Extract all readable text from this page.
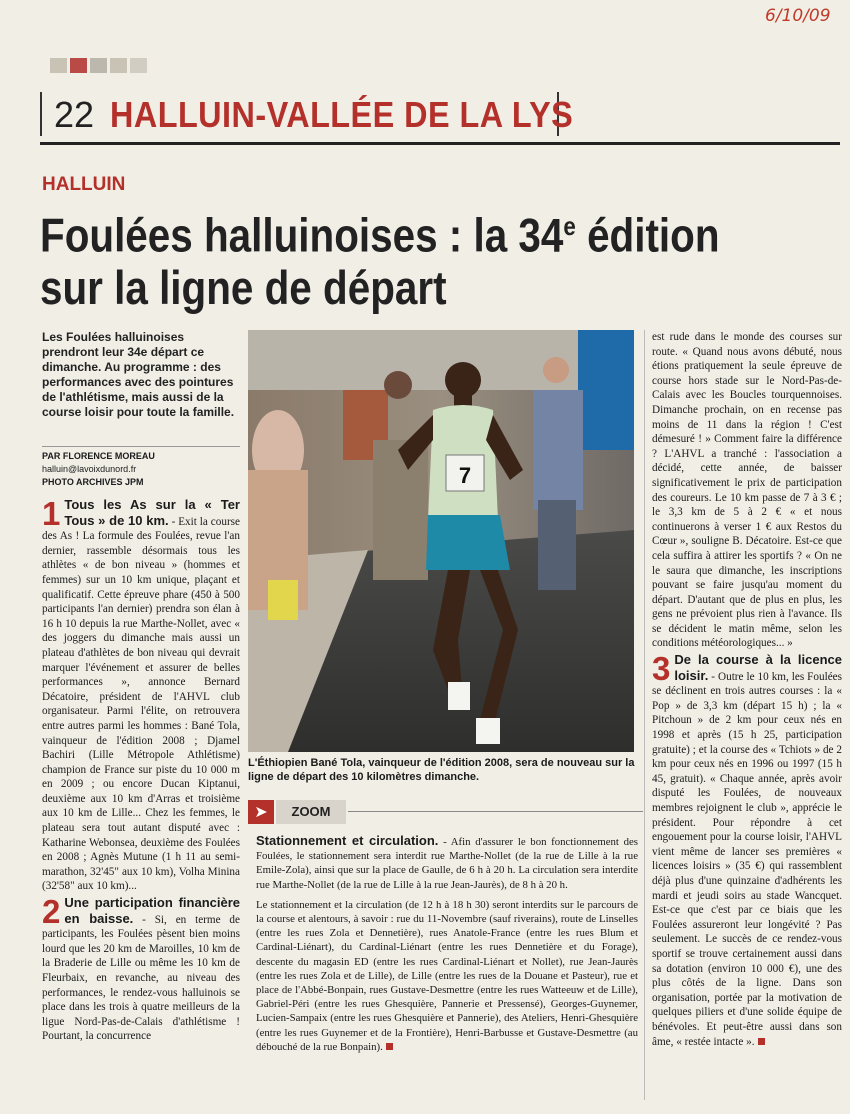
6/10/09
22 HALLUIN-VALLÉE DE LA LYS
HALLUIN
Foulées halluinoises : la 34e édition
sur la ligne de départ
Les Foulées halluinoises prendront leur 34e départ ce dimanche. Au programme : des performances avec des pointures de l'athlétisme, mais aussi de la course loisir pour toute la famille.
PAR FLORENCE MOREAU
halluin@lavoixdunord.fr
PHOTO ARCHIVES JPM

1 Tous les As sur la « Ter Tous » de 10 km. - Exit la course des As ! La formule des Foulées, revue l'an dernier, rassemble désormais tous les athlètes « de bon niveau » (hommes et femmes) sur un 10 km unique, plaçant et qualificatif. Cette épreuve phare (450 à 500 participants l'an dernier) prendra son élan à 16 h 10 depuis la rue Marthe-Nollet, avec « des joggers du dimanche mais aussi un plateau d'athlètes de bon niveau qui devrait marquer l'événement et assurer de belles performances », annonce Bernard Décatoire, président de l'AHVL club organisateur. Parmi l'élite, on retrouvera entre autres parmi les hommes : Bané Tola, vainqueur de l'édition 2008 ; Djamel Bachiri (Lille Métropole Athlétisme) champion de France sur piste du 10 000 m en 2009 ; ou encore Ducan Kiptanui, deuxième aux 10 km d'Arras et troisième aux 10 km de Lille... Chez les femmes, le plateau sera tout autant disputé avec : Katharine Webonsea, deuxième des Foulées en 2008 ; Agnès Mutune (1 h 11 au semi-marathon, 32'45" aux 10 km), Volha Minina (32'58" aux 10 km)...

2 Une participation financière en baisse. - Si, en terme de participants, les Foulées pèsent bien moins lourd que les 20 km de Maroilles, 10 km de la Braderie de Lille ou même les 10 km de Fleurbaix, en revanche, au niveau des performances, le rendez-vous halluinois se place dans les trois à quatre meilleurs de la ligue Nord-Pas-de-Calais d'athlétisme ! Pourtant, la concurrence

7
L'Éthiopien Bané Tola, vainqueur de l'édition 2008, sera de nouveau sur la ligne de départ des 10 kilomètres dimanche.
➤	ZOOM

Stationnement et circulation. - Afin d'assurer le bon fonctionnement des Foulées, le stationnement sera interdit rue Marthe-Nollet (de la rue de Lille à la rue Emile-Zola), ainsi que sur la place de Gaulle, de 6 h à 20 h. La circulation sera interdite rue Marthe-Nollet (de la rue de Lille à la rue Jean-Jaurès), de 8 h à 20 h.

Le stationnement et la circulation (de 12 h à 18 h 30) seront interdits sur le parcours de la course et alentours, à savoir : rue du 11-Novembre (sauf riverains), route de Linselles (entre les rues Zola et Dennetière), rues Anatole-France (entre les rues Blum et Cardinal-Liénart), du Cardinal-Liénart (entre les rues Dennetière et du Forage), descente du magasin ED (entre les rues Cardinal-Liénart et Nollet), rue Jean-Jaurès (entre les rues Zola et de Lille), de Lille (entre les rues de la Douane et Pasteur), rue et place de l'Abbé-Bonpain, rues Gustave-Desmettre (entre les rues Watteeuw et de Lille), Gabriel-Péri (entre les rues Ghesquière, Pannerie et Pressensé), Georges-Guynemer, Lucien-Sampaix (entre les rues Ghesquière et Pannerie), des Ateliers, Henri-Ghesquière (entre les rues Guynemer et de la Frontière), Henri-Barbusse et Gustave-Desmettre (au débouché de la rue Bonpain).

est rude dans le monde des courses sur route. « Quand nous avons débuté, nous étions pratiquement la seule épreuve de course hors stade sur le Nord-Pas-de-Calais avec les Boucles tourquennoises. Dimanche prochain, on en recense pas moins de 11 dans la région ! C'est démesuré ! » Comment faire la différence ? L'AHVL a tranché : l'association a décidé, cette année, de baisser significativement le prix de participation des coureurs. Le 10 km passe de 7 à 3 € ; le 3,3 km de 5 à 2 € « et nous continuerons à verser 1 € aux Restos du Cœur », souligne B. Décatoire. Est-ce que cela suffira à attirer les sportifs ? « On ne le saura que dimanche, les inscriptions pouvant se faire jusqu'au moment du départ. D'autant que de plus en plus, les gens ne prévoient plus rien à l'avance. Ils se décident le matin même, selon les conditions météorologiques... »

3 De la course à la licence loisir. - Outre le 10 km, les Foulées se déclinent en trois autres courses : la « Pop » de 3,3 km (départ 15 h) ; la « Pitchoun » de 2 km pour ceux nés en 1998 et après (15 h 25, participation gratuite) ; et la course des « Tchiots » de 2 km pour ceux nés en 1996 ou 1997 (15 h 45, gratuit). « Chaque année, après avoir disputé les Foulées, de nouveaux membres rejoignent le club », apprécie le président. Pour répondre à cet engouement pour la course loisir, l'AHVL vient même de lancer ses premières « licences loisirs » (35 €) qui rassemblent déjà plus d'une quinzaine d'adhérents les mardi et jeudi soirs au stade Wancquet. Est-ce que c'est par ce biais que les Foulées assureront leur longévité ? Pas seulement. Le succès de ce rendez-vous sportif se trouve certainement aussi dans sa dotation (environ 10 000 €), une des plus côtés de la ligne. Dans son organisation, portée par la motivation de quelques piliers et d'une solide équipe de bénévoles. Et peut-être aussi dans son âme, « restée intacte ».
